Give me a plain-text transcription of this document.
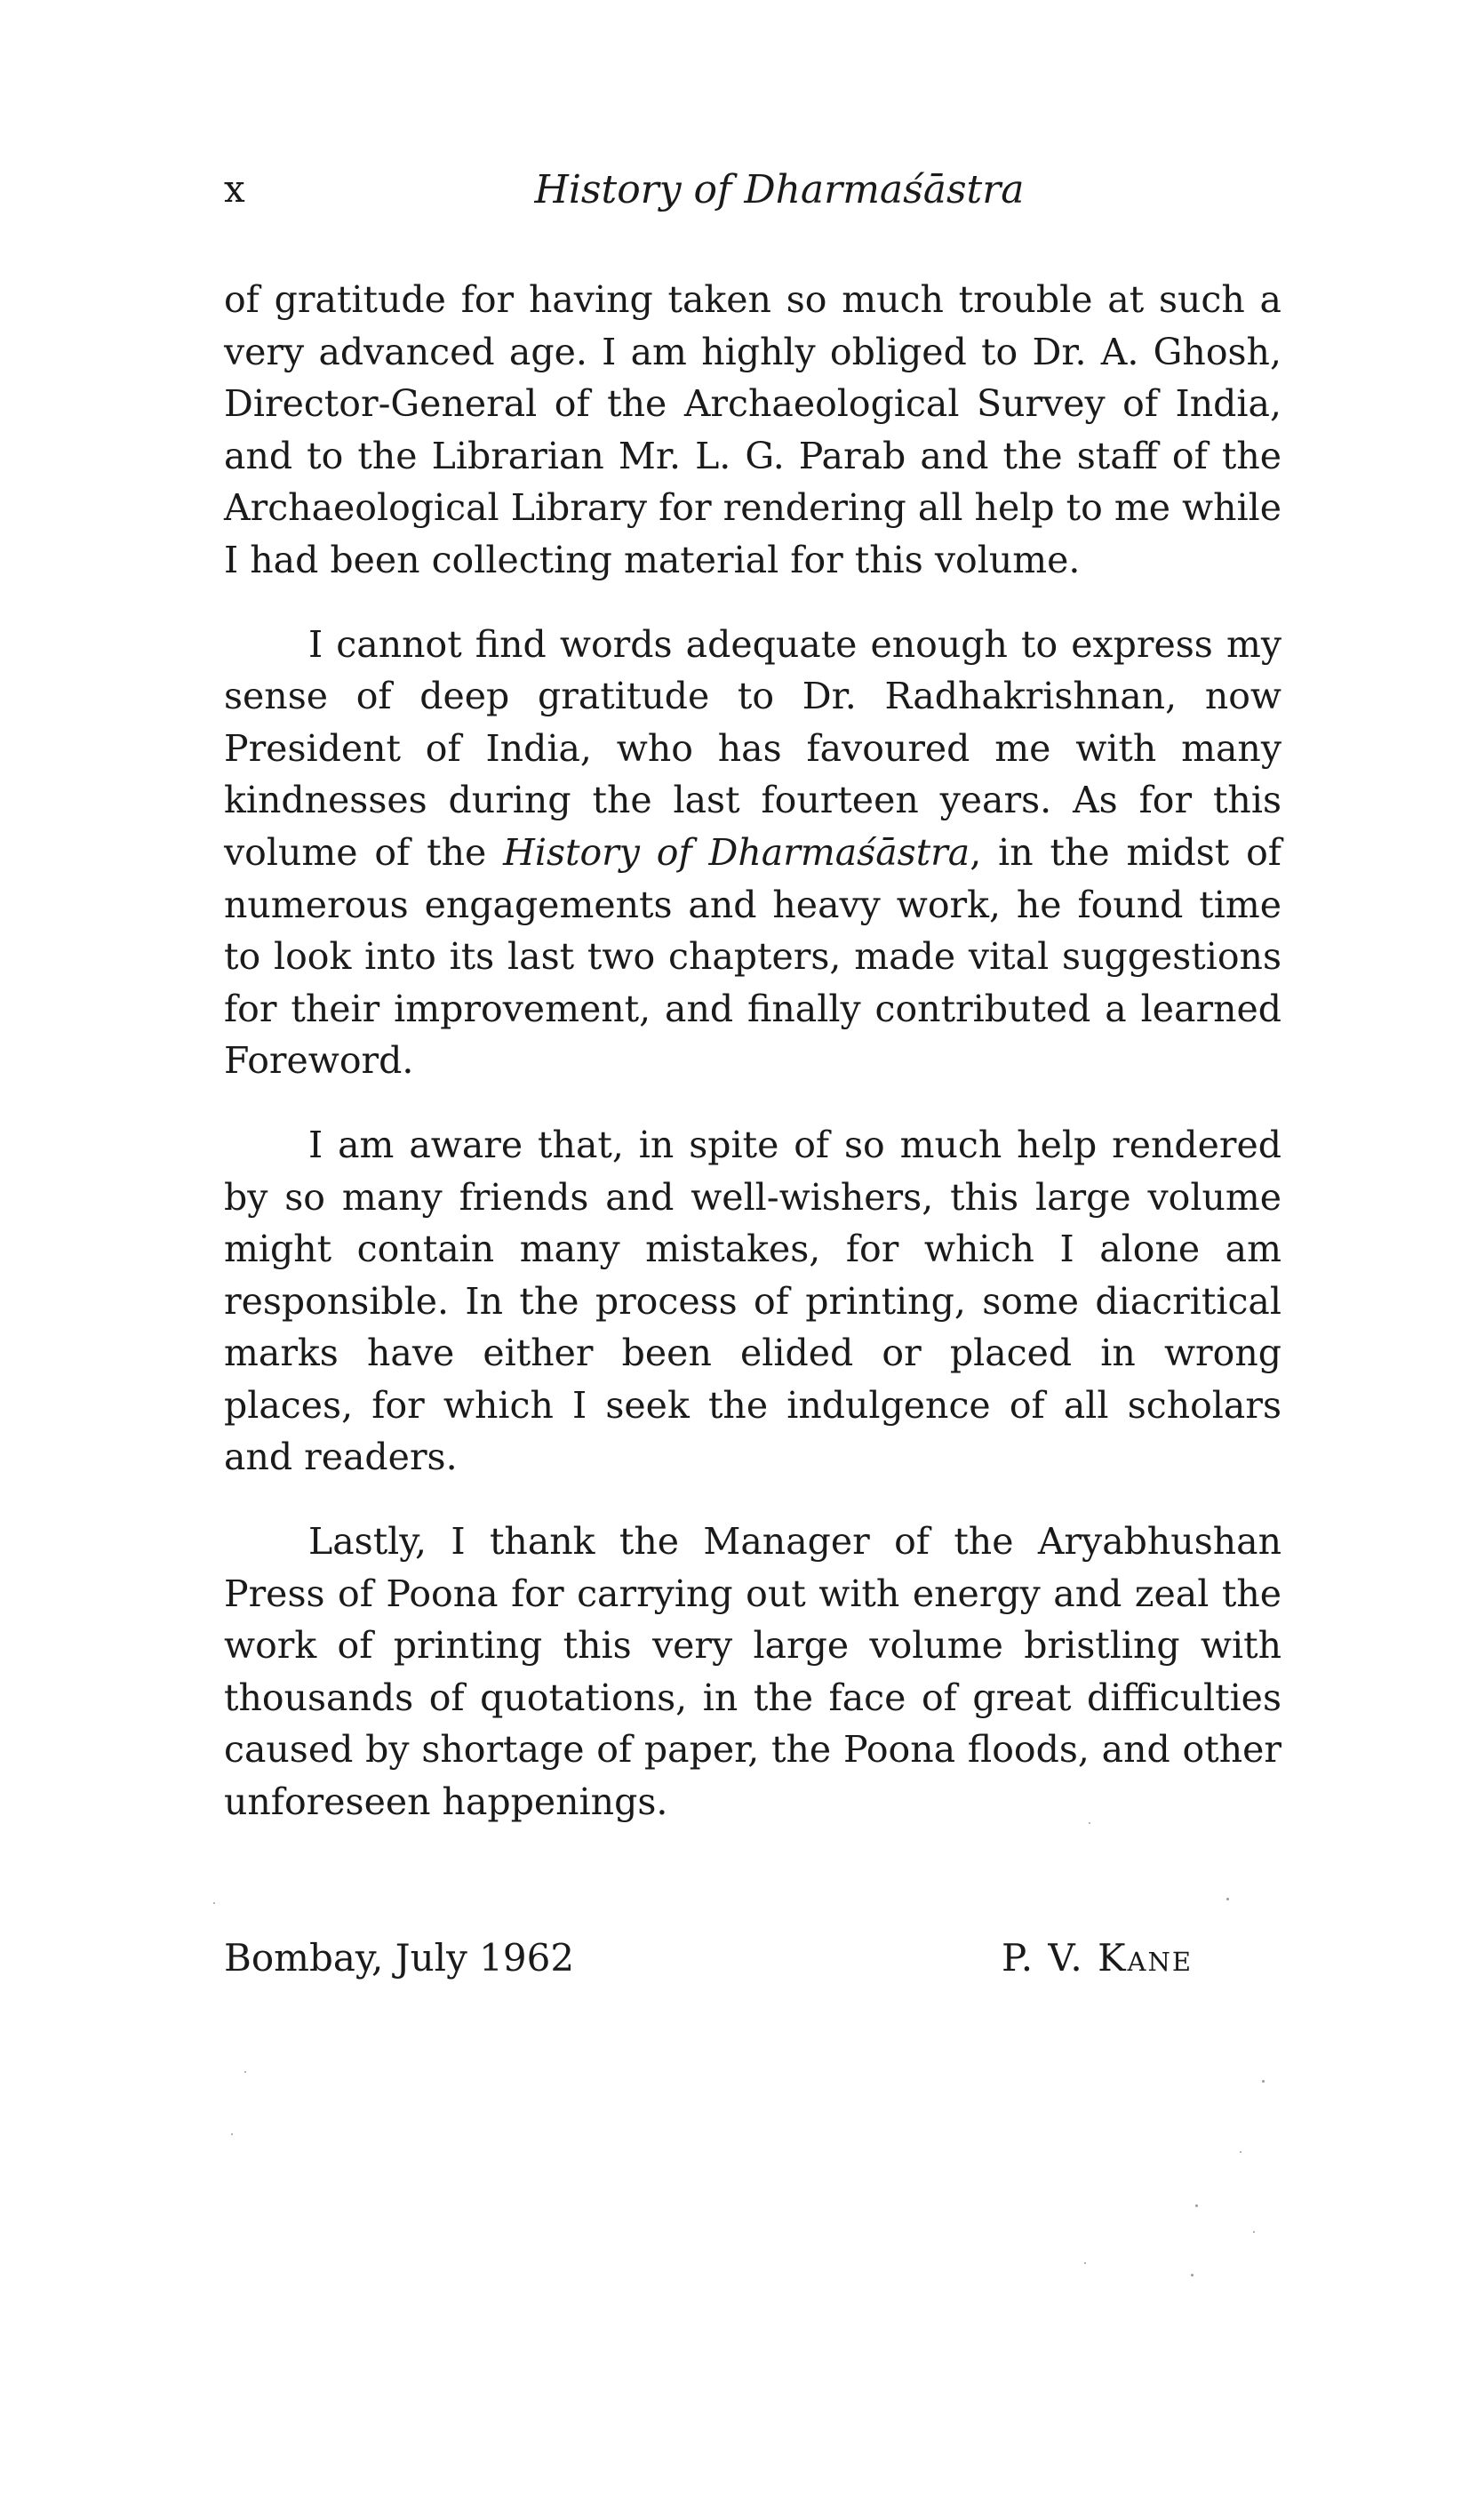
x	History of Dharmaśāstra

of gratitude for having taken so much trouble at such a very advanced age. I am highly obliged to Dr. A. Ghosh, Director-General of the Archaeological Survey of India, and to the Librarian Mr. L. G. Parab and the staff of the Archaeological Library for rendering all help to me while I had been collecting material for this volume.

I cannot find words adequate enough to express my sense of deep gratitude to Dr. Radhakrishnan, now President of India, who has favoured me with many kindnesses during the last fourteen years. As for this volume of the History of Dharmaśāstra, in the midst of numerous engagements and heavy work, he found time to look into its last two chapters, made vital suggestions for their improvement, and finally contributed a learned Foreword.

I am aware that, in spite of so much help rendered by so many friends and well-wishers, this large volume might contain many mistakes, for which I alone am responsible. In the process of printing, some diacritical marks have either been elided or placed in wrong places, for which I seek the indulgence of all scholars and readers.

Lastly, I thank the Manager of the Aryabhushan Press of Poona for carrying out with energy and zeal the work of printing this very large volume bristling with thousands of quotations, in the face of great difficulties caused by shortage of paper, the Poona floods, and other unforeseen happenings.

Bombay, July 1962	P. V. Kane
